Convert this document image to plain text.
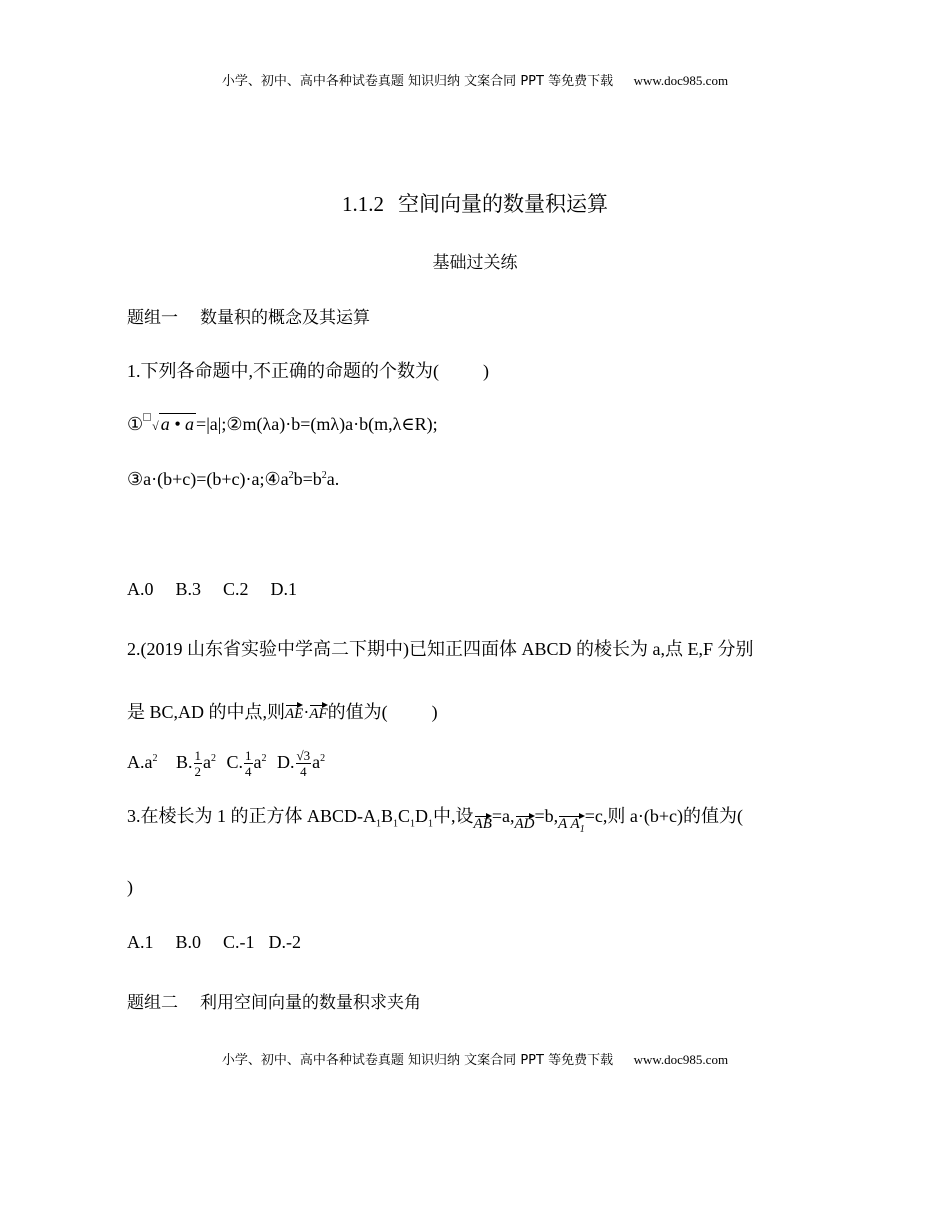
小学、初中、高中各种试卷真题 知识归纳 文案合同 PPT 等免费下载 www.doc985.com
1.1.2 空间向量的数量积运算
基础过关练
题组一 数量积的概念及其运算
1.下列各命题中,不正确的命题的个数为( )
① √ a • a =|a|;②m(λa)·b=(mλ)a·b(m,λ∈R);
$③a\cdot(b+c)=(b+c)\cdot a;④a^2b=b^2a$.
A.0 B.3 C.2 D.1
2.(2019 山东省实验中学高二下期中)已知正四面体 ABCD 的棱长为 a,点 E,F 分别
是 BC,AD 的中点,则AE·AF的值为( )
$A.a^2$ B. $\frac{1}{2} a^2$ C. $\frac{1}{4} a^2$ D. $\frac{√3}{4} a^2$
3.在棱长为 1 的正方体 ABCD-$A_1B_1C_1D_1$中,设AB=a,AD=b,A $A_1=c$,则 a·(b+c)的值为(
)
A.1 B.0 C.-1 D.-2
题组二 利用空间向量的数量积求夹角
小学、初中、高中各种试卷真题 知识归纳 文案合同 PPT 等免费下载 www.doc985.com
